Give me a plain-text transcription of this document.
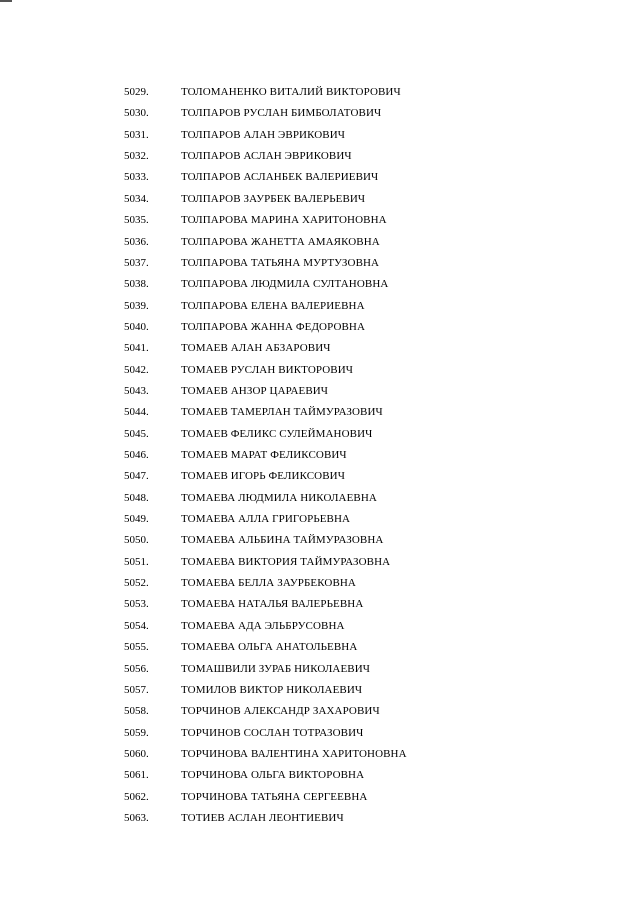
5029.	ТОЛОМАНЕНКО ВИТАЛИЙ ВИКТОРОВИЧ
5030.	ТОЛПАРОВ РУСЛАН БИМБОЛАТОВИЧ
5031.	ТОЛПАРОВ АЛАН ЭВРИКОВИЧ
5032.	ТОЛПАРОВ АСЛАН ЭВРИКОВИЧ
5033.	ТОЛПАРОВ АСЛАНБЕК ВАЛЕРИЕВИЧ
5034.	ТОЛПАРОВ ЗАУРБЕК ВАЛЕРЬЕВИЧ
5035.	ТОЛПАРОВА МАРИНА ХАРИТОНОВНА
5036.	ТОЛПАРОВА ЖАНЕТТА АМАЯКОВНА
5037.	ТОЛПАРОВА ТАТЬЯНА МУРТУЗОВНА
5038.	ТОЛПАРОВА ЛЮДМИЛА СУЛТАНОВНА
5039.	ТОЛПАРОВА ЕЛЕНА ВАЛЕРИЕВНА
5040.	ТОЛПАРОВА ЖАННА ФЕДОРОВНА
5041.	ТОМАЕВ АЛАН АБЗАРОВИЧ
5042.	ТОМАЕВ РУСЛАН ВИКТОРОВИЧ
5043.	ТОМАЕВ АНЗОР ЦАРАЕВИЧ
5044.	ТОМАЕВ ТАМЕРЛАН ТАЙМУРАЗОВИЧ
5045.	ТОМАЕВ ФЕЛИКС СУЛЕЙМАНОВИЧ
5046.	ТОМАЕВ МАРАТ ФЕЛИКСОВИЧ
5047.	ТОМАЕВ ИГОРЬ ФЕЛИКСОВИЧ
5048.	ТОМАЕВА ЛЮДМИЛА НИКОЛАЕВНА
5049.	ТОМАЕВА АЛЛА ГРИГОРЬЕВНА
5050.	ТОМАЕВА АЛЬБИНА ТАЙМУРАЗОВНА
5051.	ТОМАЕВА ВИКТОРИЯ ТАЙМУРАЗОВНА
5052.	ТОМАЕВА БЕЛЛА ЗАУРБЕКОВНА
5053.	ТОМАЕВА НАТАЛЬЯ ВАЛЕРЬЕВНА
5054.	ТОМАЕВА АДА ЭЛЬБРУСОВНА
5055.	ТОМАЕВА ОЛЬГА АНАТОЛЬЕВНА
5056.	ТОМАШВИЛИ ЗУРАБ НИКОЛАЕВИЧ
5057.	ТОМИЛОВ ВИКТОР НИКОЛАЕВИЧ
5058.	ТОРЧИНОВ АЛЕКСАНДР ЗАХАРОВИЧ
5059.	ТОРЧИНОВ СОСЛАН ТОТРАЗОВИЧ
5060.	ТОРЧИНОВА ВАЛЕНТИНА ХАРИТОНОВНА
5061.	ТОРЧИНОВА ОЛЬГА ВИКТОРОВНА
5062.	ТОРЧИНОВА ТАТЬЯНА СЕРГЕЕВНА
5063.	ТОТИЕВ АСЛАН ЛЕОНТИЕВИЧ
